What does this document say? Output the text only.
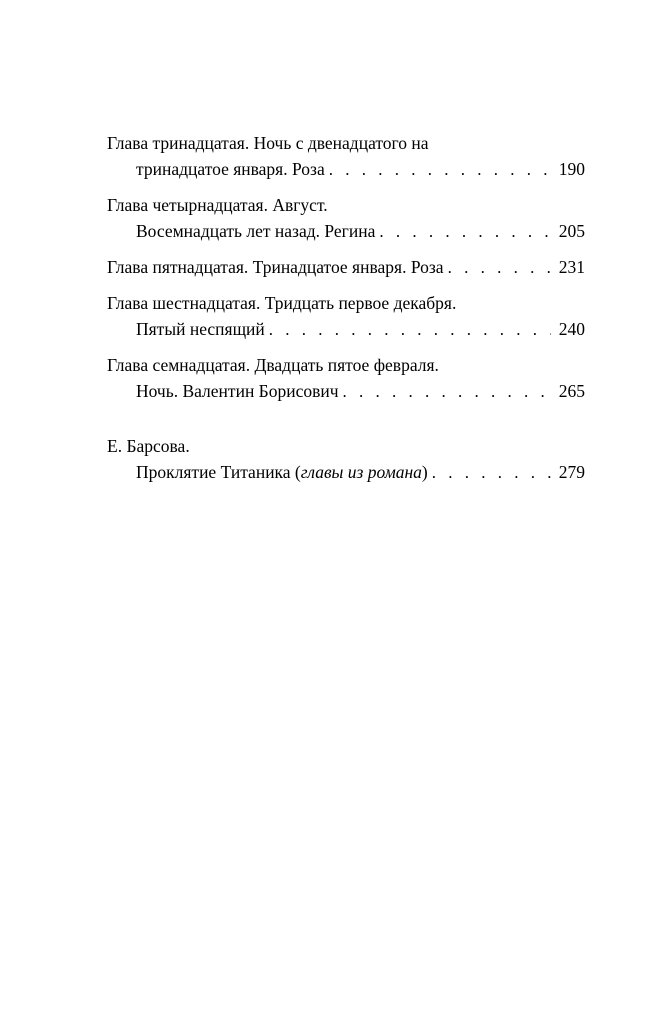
Глава тринадцатая. Ночь с двенадцатого на
тринадцатое января. Роза . . .	190
Глава четырнадцатая. Август.
Восемнадцать лет назад. Регина . . .	205
Глава пятнадцатая. Тринадцатое января. Роза . . .	231
Глава шестнадцатая. Тридцать первое декабря.
Пятый неспящий . . .	240
Глава семнадцатая. Двадцать пятое февраля.
Ночь. Валентин Борисович . . .	265
Е. Барсова.
Проклятие Титаника (главы из романа) . . .	279
